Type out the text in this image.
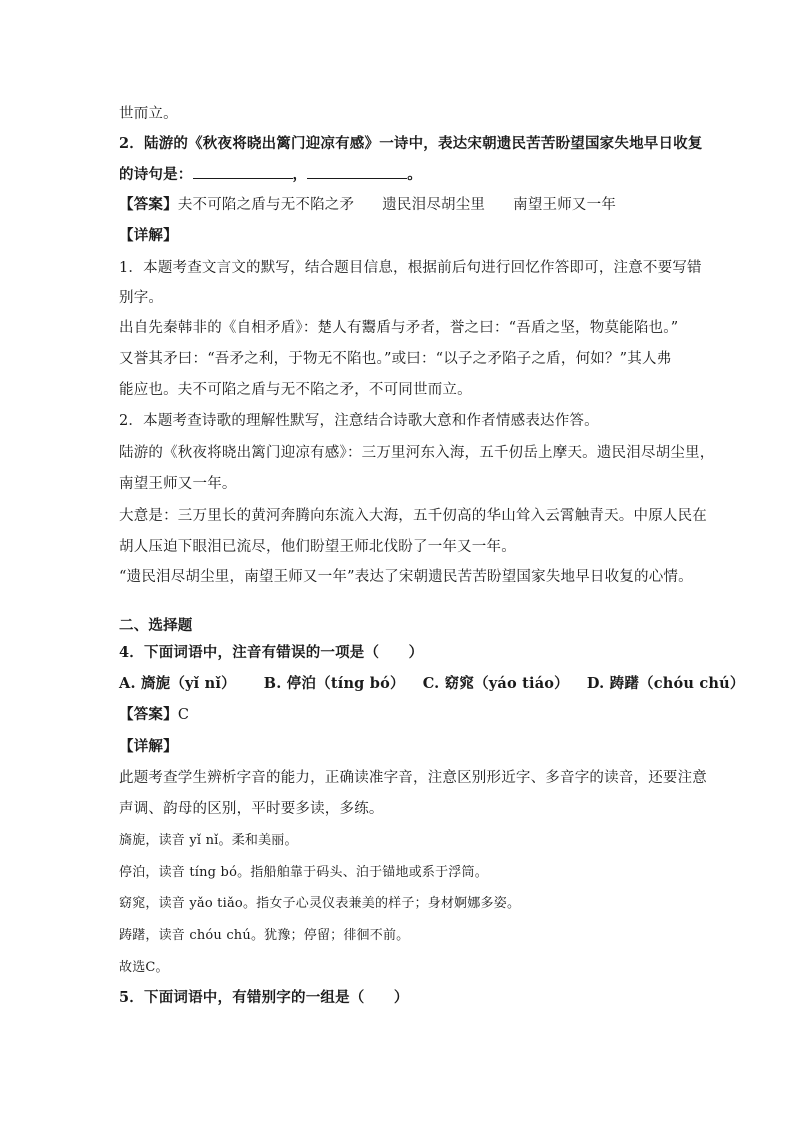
世而立。
2．陆游的《秋夜将晓出篱门迎凉有感》一诗中，表达宋朝遗民苦苦盼望国家失地早日收复
的诗句是：	，	。
【答案】夫不可陷之盾与无不陷之矛 遗民泪尽胡尘里 南望王师又一年
【详解】
1．本题考查文言文的默写，结合题目信息，根据前后句进行回忆作答即可，注意不要写错
别字。
出自先秦韩非的《自相矛盾》：楚人有鬻盾与矛者，誉之曰：“吾盾之坚，物莫能陷也。”
又誉其矛曰：“吾矛之利，于物无不陷也。”或曰：“以子之矛陷子之盾，何如？”其人弗
能应也。夫不可陷之盾与无不陷之矛，不可同世而立。
2．本题考查诗歌的理解性默写，注意结合诗歌大意和作者情感表达作答。
陆游的《秋夜将晓出篱门迎凉有感》：三万里河东入海，五千仞岳上摩天。遗民泪尽胡尘里，
南望王师又一年。
大意是：三万里长的黄河奔腾向东流入大海，五千仞高的华山耸入云霄触青天。中原人民在
胡人压迫下眼泪已流尽，他们盼望王师北伐盼了一年又一年。
“遗民泪尽胡尘里，南望王师又一年”表达了宋朝遗民苦苦盼望国家失地早日收复的心情。
二、选择题
4．下面词语中，注音有错误的一项是（　　）
A. 旖旎（yǐ nǐ） B. 停泊（tíng bó） C. 窈窕（yáo tiáo） D. 踌躇（chóu chú）
【答案】C
【详解】
此题考查学生辨析字音的能力，正确读准字音，注意区别形近字、多音字的读音，还要注意
声调、韵母的区别，平时要多读，多练。
旖旎，读音 yǐ nǐ。柔和美丽。
停泊，读音 tíng bó。指船舶靠于码头、泊于锚地或系于浮筒。
窈窕，读音 yǎo tiǎo。指女子心灵仪表兼美的样子；身材婀娜多姿。
踌躇，读音 chóu chú。犹豫；停留；徘徊不前。
故选C。
5．下面词语中，有错别字的一组是（　　）
